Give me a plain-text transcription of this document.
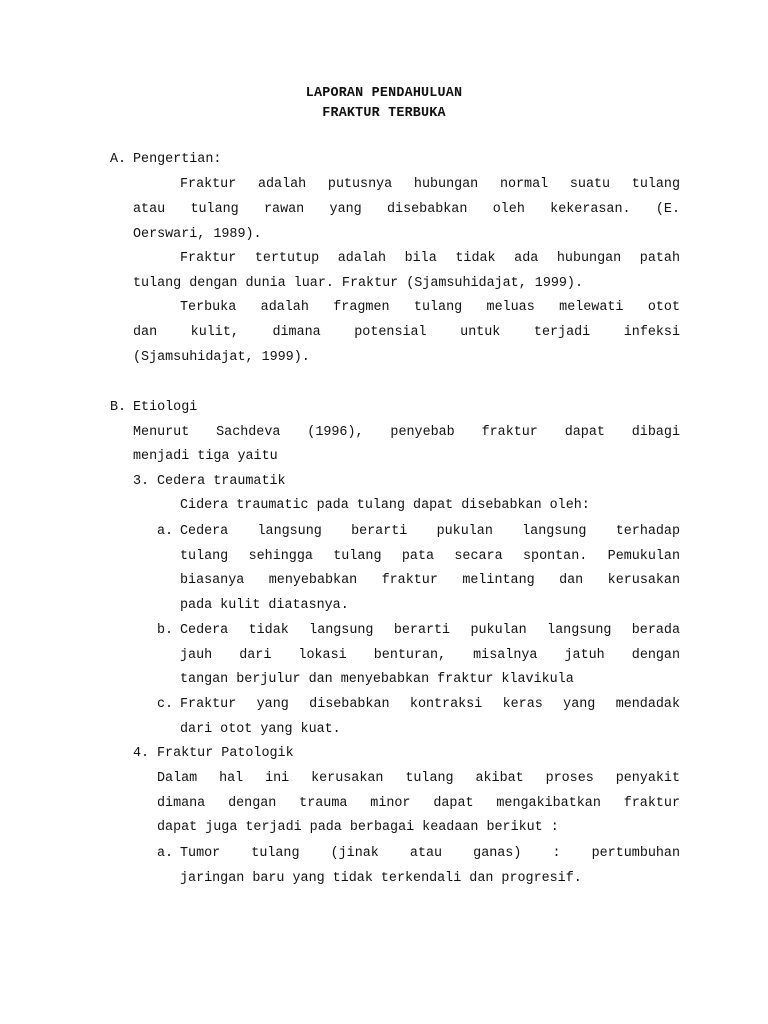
LAPORAN PENDAHULUAN
FRAKTUR TERBUKA
A. Pengertian:
Fraktur adalah putusnya hubungan normal suatu tulang
atau tulang rawan yang disebabkan oleh kekerasan. (E.
Oerswari, 1989).
Fraktur tertutup adalah bila tidak ada hubungan patah
tulang dengan dunia luar. Fraktur (Sjamsuhidajat, 1999).
Terbuka adalah fragmen tulang meluas melewati otot
dan kulit, dimana potensial untuk terjadi infeksi
(Sjamsuhidajat, 1999).
B. Etiologi
Menurut Sachdeva (1996), penyebab fraktur dapat dibagi
menjadi tiga yaitu
3. Cedera traumatik
Cidera traumatic pada tulang dapat disebabkan oleh:
a. Cedera langsung berarti pukulan langsung terhadap
tulang sehingga tulang pata secara spontan. Pemukulan
biasanya menyebabkan fraktur melintang dan kerusakan
pada kulit diatasnya.
b. Cedera tidak langsung berarti pukulan langsung berada
jauh dari lokasi benturan, misalnya jatuh dengan
tangan berjulur dan menyebabkan fraktur klavikula
c. Fraktur yang disebabkan kontraksi keras yang mendadak
dari otot yang kuat.
4. Fraktur Patologik
Dalam hal ini kerusakan tulang akibat proses penyakit
dimana dengan trauma minor dapat mengakibatkan fraktur
dapat juga terjadi pada berbagai keadaan berikut :
a. Tumor tulang (jinak atau ganas) : pertumbuhan
jaringan baru yang tidak terkendali dan progresif.
